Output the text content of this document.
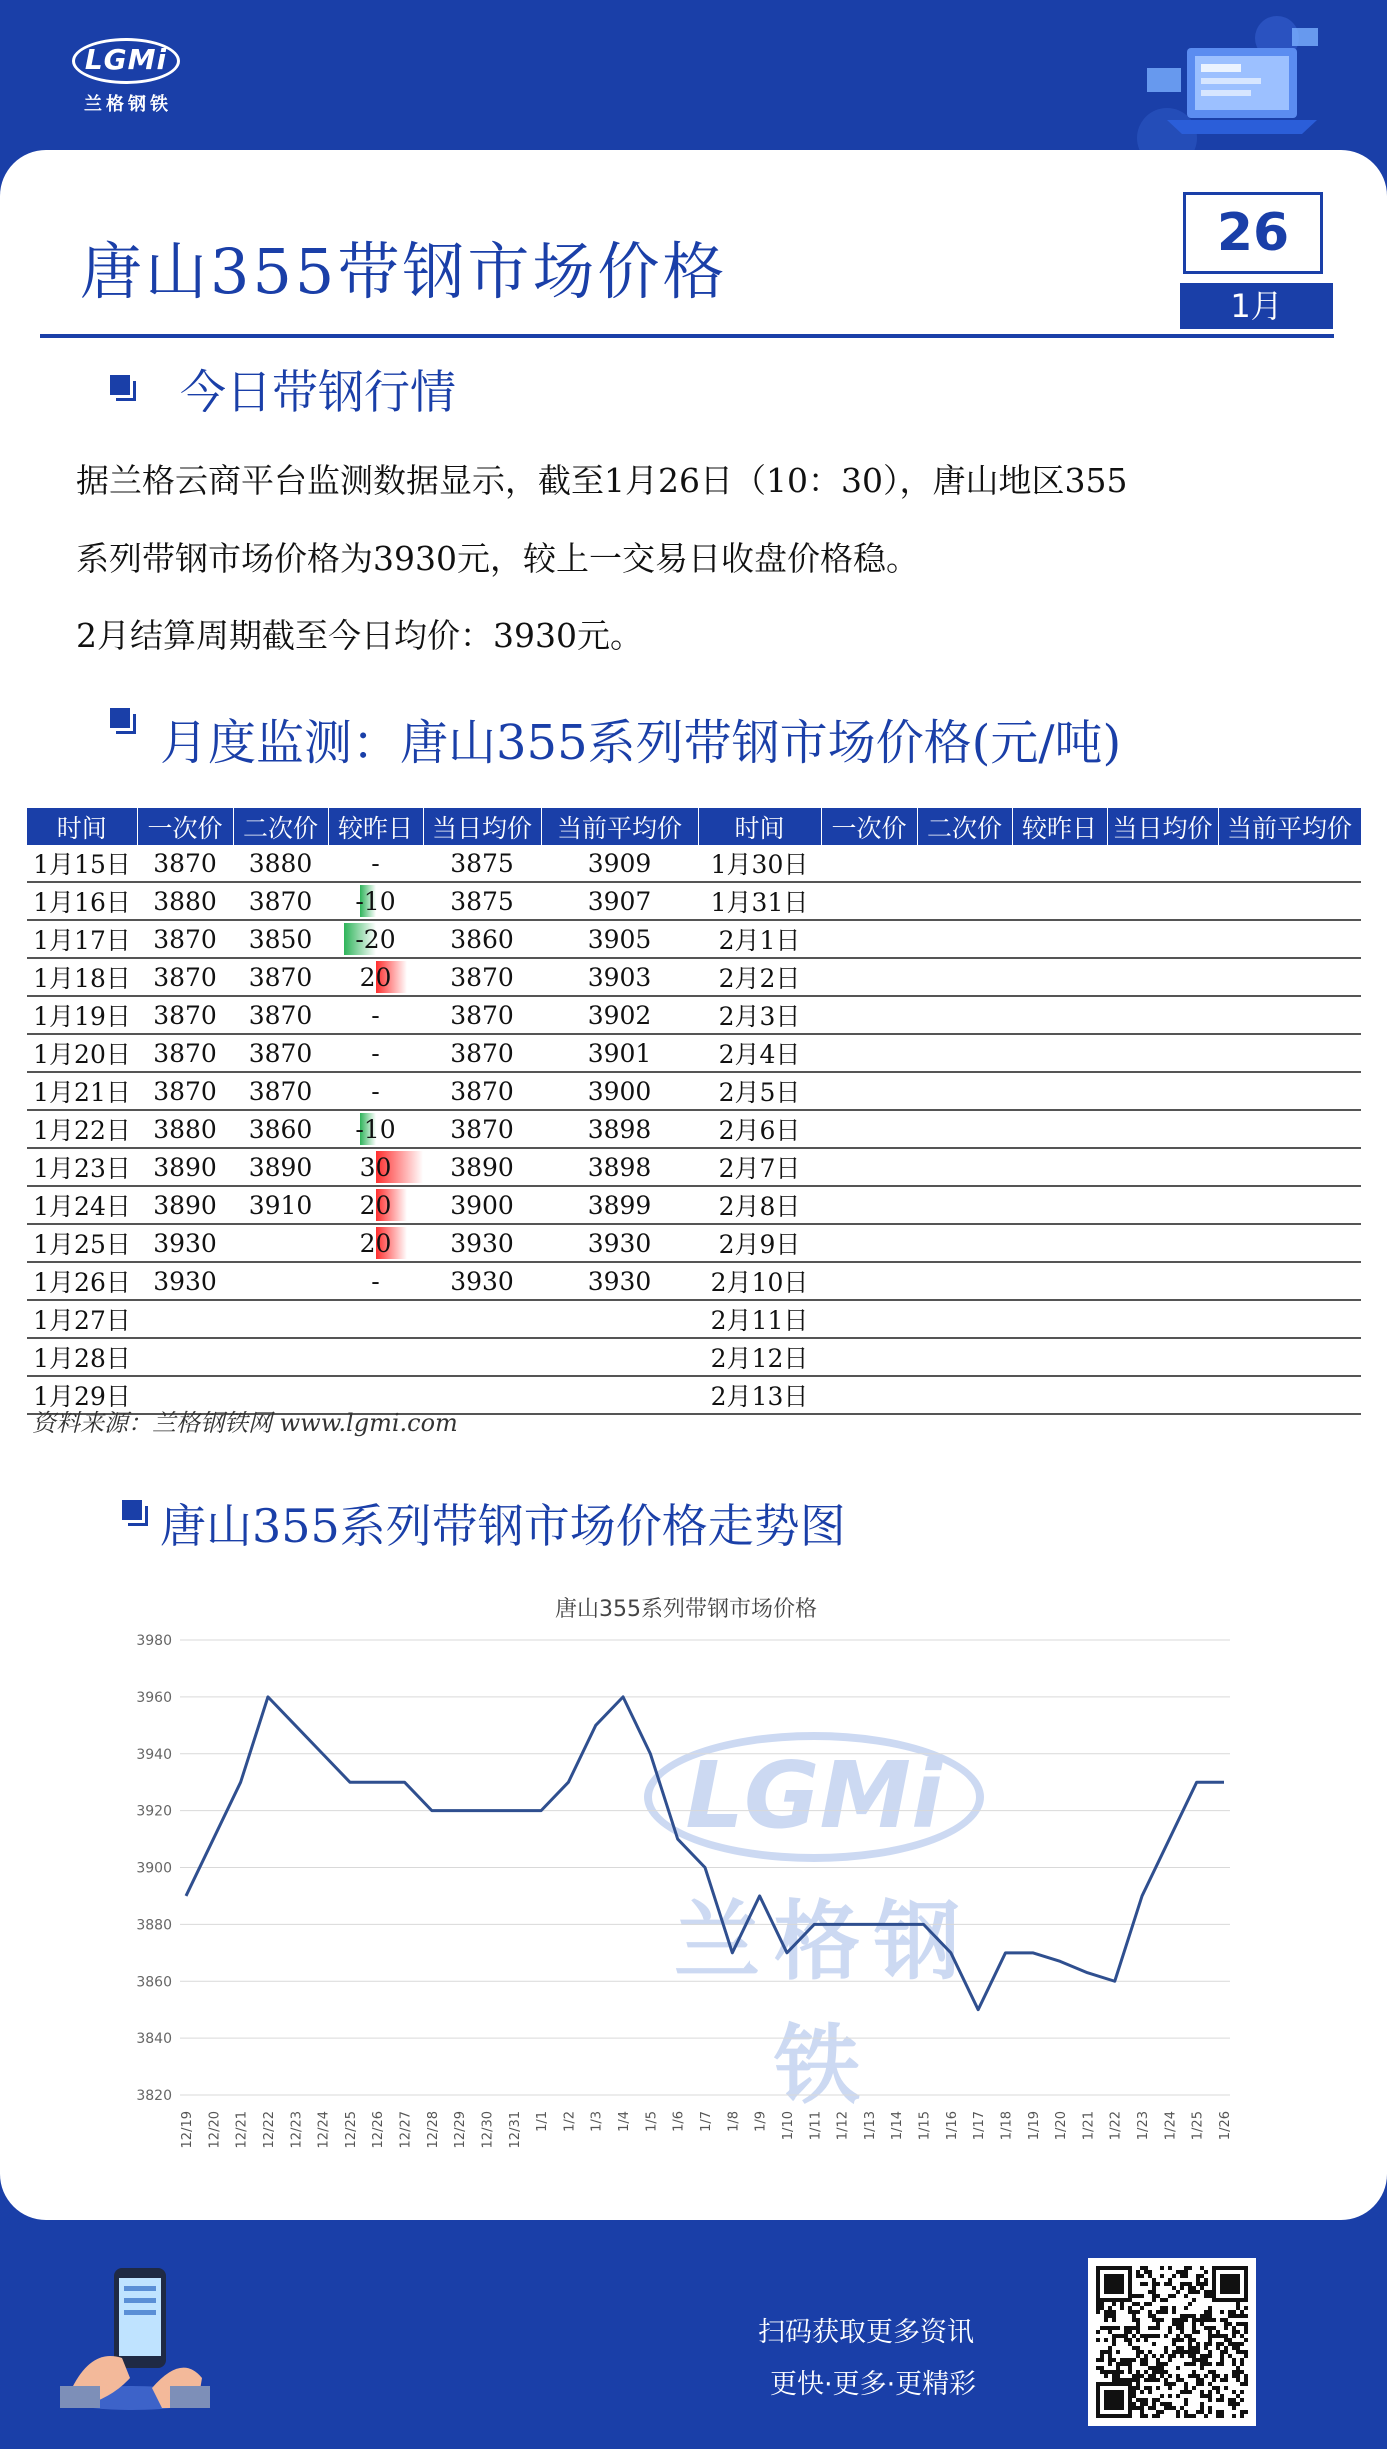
LGMi
兰格钢铁
唐山355带钢市场价格
26
1月
今日带钢行情
据兰格云商平台监测数据显示，截至1月26日（10：30），唐山地区355
系列带钢市场价格为3930元，较上一交易日收盘价格稳。
2月结算周期截至今日均价：3930元。
月度监测：唐山355系列带钢市场价格(元/吨)
时间	一次价	二次价	较昨日	当日均价	当前平均价	时间	一次价	二次价	较昨日	当日均价	当前平均价
1月15日	3870	3880	-	3875	3909	1月30日					
1月16日	3880	3870	-10	3875	3907	1月31日					
1月17日	3870	3850	-20	3860	3905	2月1日					
1月18日	3870	3870	20	3870	3903	2月2日					
1月19日	3870	3870	-	3870	3902	2月3日					
1月20日	3870	3870	-	3870	3901	2月4日					
1月21日	3870	3870	-	3870	3900	2月5日					
1月22日	3880	3860	-10	3870	3898	2月6日					
1月23日	3890	3890	30	3890	3898	2月7日					
1月24日	3890	3910	20	3900	3899	2月8日					
1月25日	3930		20	3930	3930	2月9日					
1月26日	3930		-	3930	3930	2月10日					
1月27日						2月11日					
1月28日						2月12日					
1月29日						2月13日					
资料来源：兰格钢铁网 www.lgmi.com
唐山355系列带钢市场价格走势图
唐山355系列带钢市场价格
LGMi
兰格钢铁
3820
3840
3860
3880
3900
3920
3940
3960
3980
12/19 12/20 12/21 12/22 12/23 12/24 12/25 12/26 12/27 12/28 12/29 12/30 12/31 1/1 1/2 1/3 1/4 1/5 1/6 1/7 1/8 1/9 1/10 1/11 1/12 1/13 1/14 1/15 1/16 1/17 1/18 1/19 1/20 1/21 1/22 1/23 1/24 1/25 1/26
扫码获取更多资讯
更快·更多·更精彩
